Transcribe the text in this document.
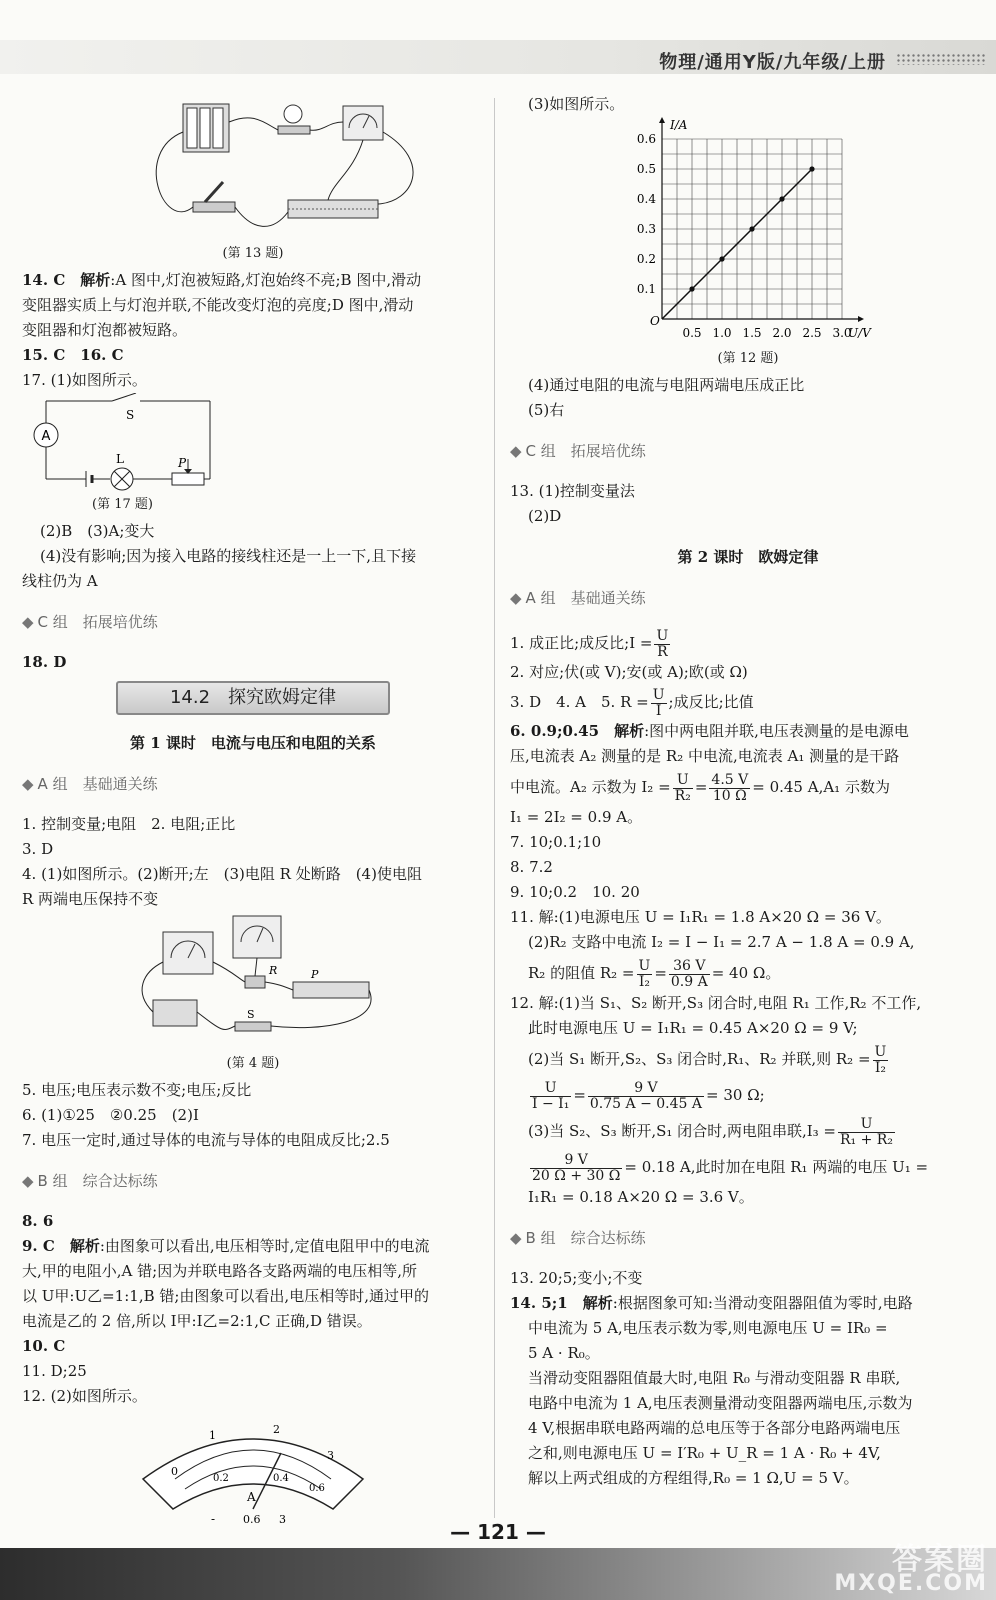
物理/通用Y版/九年级/上册

(第 13 题)

14. C　 解析:A 图中,灯泡被短路,灯泡始终不亮;B 图中,滑动

变阻器实质上与灯泡并联,不能改变灯泡的亮度;D 图中,滑动

变阻器和灯泡都被短路。

15. C　16. C

17. (1)如图所示。

A
S
L	P

(第 17 题)

(2)B　(3)A;变大

(4)没有影响;因为接入电路的接线柱还是一上一下,且下接

线柱仍为 A

◆ C 组　拓展培优练

18. D

14.2　探究欧姆定律

第 1 课时　电流与电压和电阻的关系

◆ A 组　基础通关练

1. 控制变量;电阻　2. 电阻;正比

3. D

4. (1)如图所示。(2)断开;左　(3)电阻 R 处断路　(4)使电阻

R 两端电压保持不变

R	P
S

(第 4 题)

5. 电压;电压表示数不变;电压;反比

6. (1)①25　②0.25　(2)I

7. 电压一定时,通过导体的电流与导体的电阻成反比;2.5

◆ B 组　综合达标练

8. 6

9. C　 解析:由图象可以看出,电压相等时,定值电阻甲中的电流

大,甲的电阻小,A 错;因为并联电路各支路两端的电压相等,所

以 U甲:U乙=1:1,B 错;由图象可以看出,电压相等时,通过甲的

电流是乙的 2 倍,所以 I甲:I乙=2:1,C 正确,D 错误。

10. C

11. D;25

12. (2)如图所示。

0
1	2
3
0.2	0.4
0.6
A
-	0.6 3

(3)如图所示。

I/A
U/V
O
0.5 1.0 1.5 2.0 2.5 3.0
0.1
0.2
0.3
0.4
0.5
0.6

(第 12 题)

(4)通过电阻的电流与电阻两端电压成正比

(5)右

◆ C 组　拓展培优练

13. (1)控制变量法

(2)D

第 2 课时　欧姆定律

◆ A 组　基础通关练

1. 成正比;成反比;I = $\frac{U}{R}$

2. 对应;伏(或 V);安(或 A);欧(或 Ω)

3. D　4. A　5. $R = \frac{U}{I}$ ;成反比;比值

6. 0.9;0.45　 解析:图中两电阻并联,电压表测量的是电源电

压,电流表 A₂ 测量的是 R₂ 中电流,电流表 A₁ 测量的是干路

中电流。A₂ 示数为 $I_2 = \frac{U}{\text{R₂}} = \frac{4.5 V}{10 \Omega} = 0.45$ A,A₁ 示数为

I₁ = 2I₂ = 0.9 A。

7. 10;0.1;10

8. 7.2

9. 10;0.2　10. 20

11. 解:(1)电源电压 U = I₁R₁ = 1.8 A×20 Ω = 36 V。

(2)R₂ 支路中电流 I₂ = I − I₁ = 2.7 A − 1.8 A = 0.9 A,

R₂ 的阻值 $R_2 = \frac{U}{\text{I₂}} = \frac{36 V}{0.9 A} = 40$ Ω。

12. 解:(1)当 S₁、S₂ 断开,S₃ 闭合时,电阻 R₁ 工作,R₂ 不工作,

此时电源电压 U = I₁R₁ = 0.45 A×20 Ω = 9 V;

(2)当 S₁ 断开,S₂、S₃ 闭合时,R₁、R₂ 并联,则 $R_2 = \frac{U}{\text{I₂}}$

$\frac{U}{\text{I − I₁}} = \frac{9 V}{0.75 A - 0.45 A} = 30$ Ω;

(3)当 S₂、S₃ 断开,S₁ 闭合时,两电阻串联$,I_3 = \frac{U}{\text{R₁ + R₂}}$

$\frac{9 V}{20 \Omega + 30 \Omega} = 0.18$ A,此时加在电阻 R₁ 两端的电压 U₁ =

I₁R₁ = 0.18 A×20 Ω = 3.6 V。

◆ B 组　综合达标练

13. 20;5;变小;不变

14. 5;1　 解析:根据图象可知:当滑动变阻器阻值为零时,电路

中电流为 5 A,电压表示数为零,则电源电压 U = IR₀ =

5 A · R₀。

当滑动变阻器阻值最大时,电阻 R₀ 与滑动变阻器 R 串联,

电路中电流为 1 A,电压表测量滑动变阻器两端电压,示数为

4 V,根据串联电路两端的总电压等于各部分电路两端电压

之和,则电源电压 U = I′R₀ + U_R = 1 A · R₀ + 4V,

解以上两式组成的方程组得,R₀ = 1 Ω,U = 5 V。

— 121 —
答案圈
MXQE.COM
